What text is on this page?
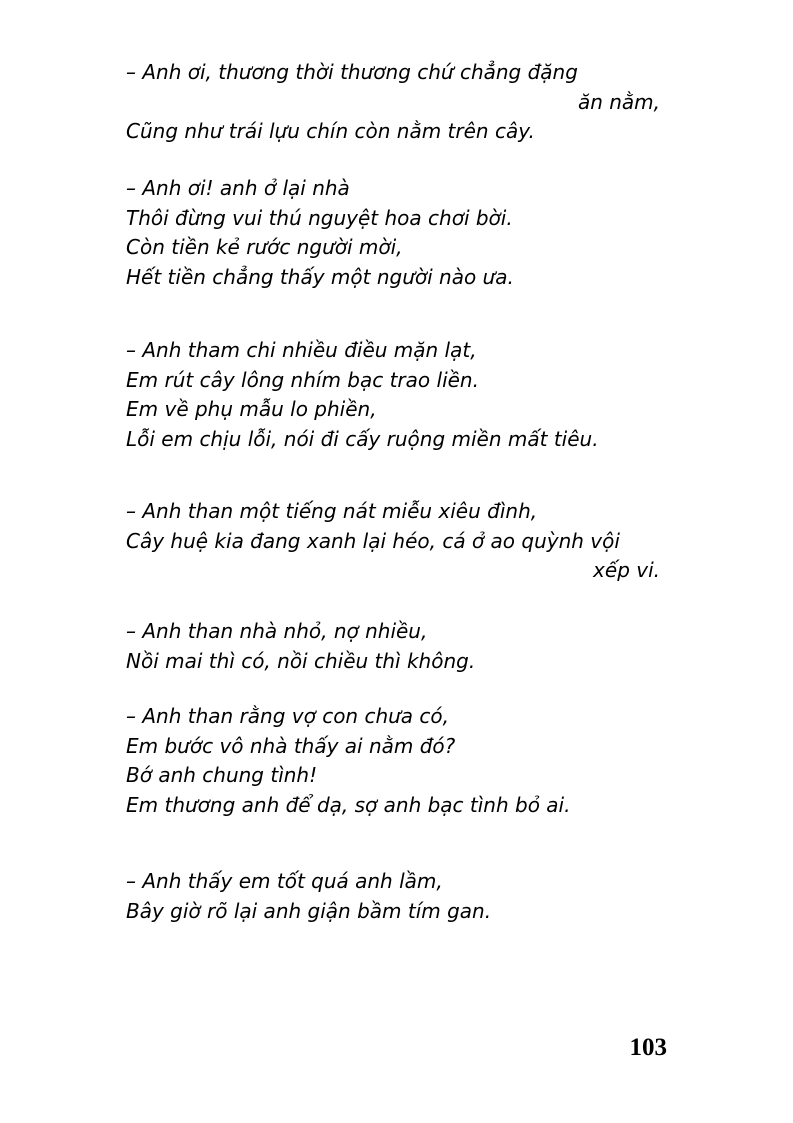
– Anh ơi, thương thời thương chứ chẳng đặng
ăn nằm,
Cũng như trái lựu chín còn nằm trên cây.
– Anh ơi! anh ở lại nhà
Thôi đừng vui thú nguyệt hoa chơi bời.
Còn tiền kẻ rước người mời,
Hết tiền chẳng thấy một người nào ưa.
– Anh tham chi nhiều điều mặn lạt,
Em rút cây lông nhím bạc trao liền.
Em về phụ mẫu lo phiền,
Lỗi em chịu lỗi, nói đi cấy ruộng miền mất tiêu.
– Anh than một tiếng nát miễu xiêu đình,
Cây huệ kia đang xanh lại héo, cá ở ao quỳnh vội
xếp vi.
– Anh than nhà nhỏ, nợ nhiều,
Nồi mai thì có, nồi chiều thì không.
– Anh than rằng vợ con chưa có,
Em bước vô nhà thấy ai nằm đó?
Bớ anh chung tình!
Em thương anh để dạ, sợ anh bạc tình bỏ ai.
– Anh thấy em tốt quá anh lầm,
Bây giờ rõ lại anh giận bầm tím gan.
103
